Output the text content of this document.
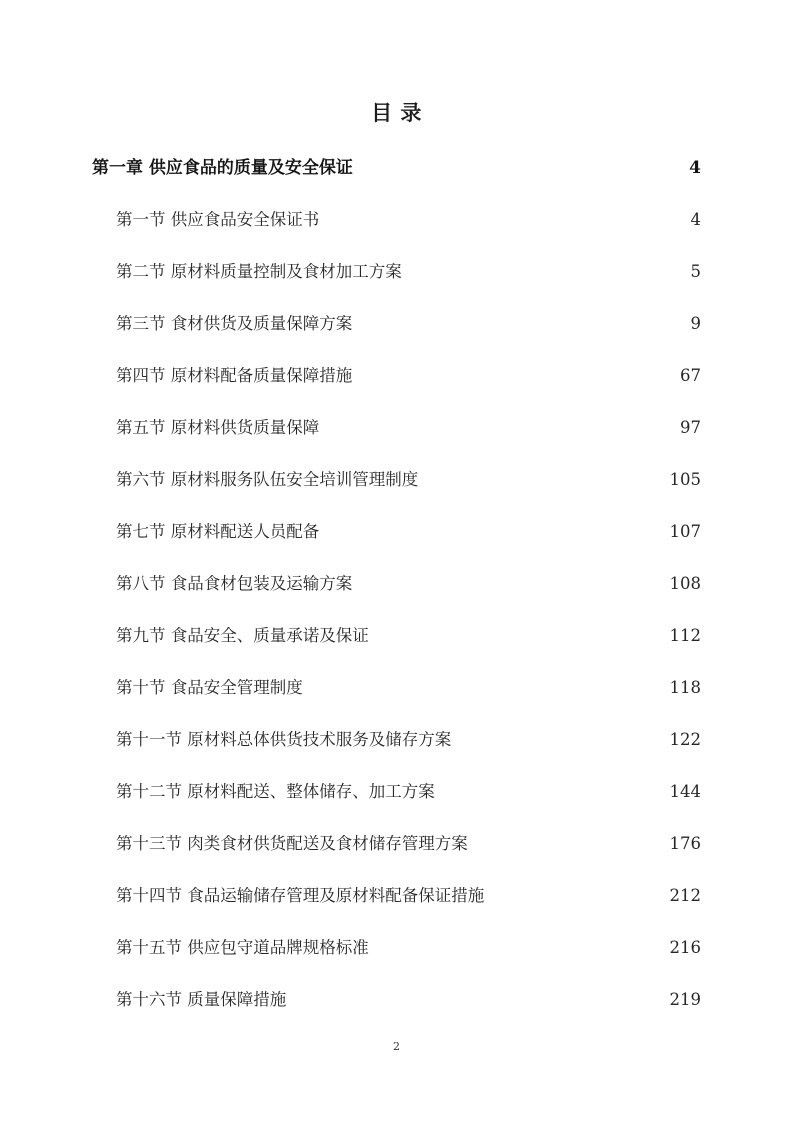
目 录
第一章 供应食品的质量及安全保证 .....	4
第一节 供应食品安全保证书 .....	4
第二节 原材料质量控制及食材加工方案 .....	5
第三节 食材供货及质量保障方案 .....	9
第四节 原材料配备质量保障措施 .....	67
第五节 原材料供货质量保障 .....	97
第六节 原材料服务队伍安全培训管理制度 .....	105
第七节 原材料配送人员配备 .....	107
第八节 食品食材包装及运输方案 .....	108
第九节 食品安全、质量承诺及保证 .....	112
第十节 食品安全管理制度 .....	118
第十一节 原材料总体供货技术服务及储存方案 .....	122
第十二节 原材料配送、整体储存、加工方案 .....	144
第十三节 肉类食材供货配送及食材储存管理方案 .....	176
第十四节 食品运输储存管理及原材料配备保证措施 .....	212
第十五节 供应包守道品牌规格标准 .....	216
第十六节 质量保障措施 .....	219
2
